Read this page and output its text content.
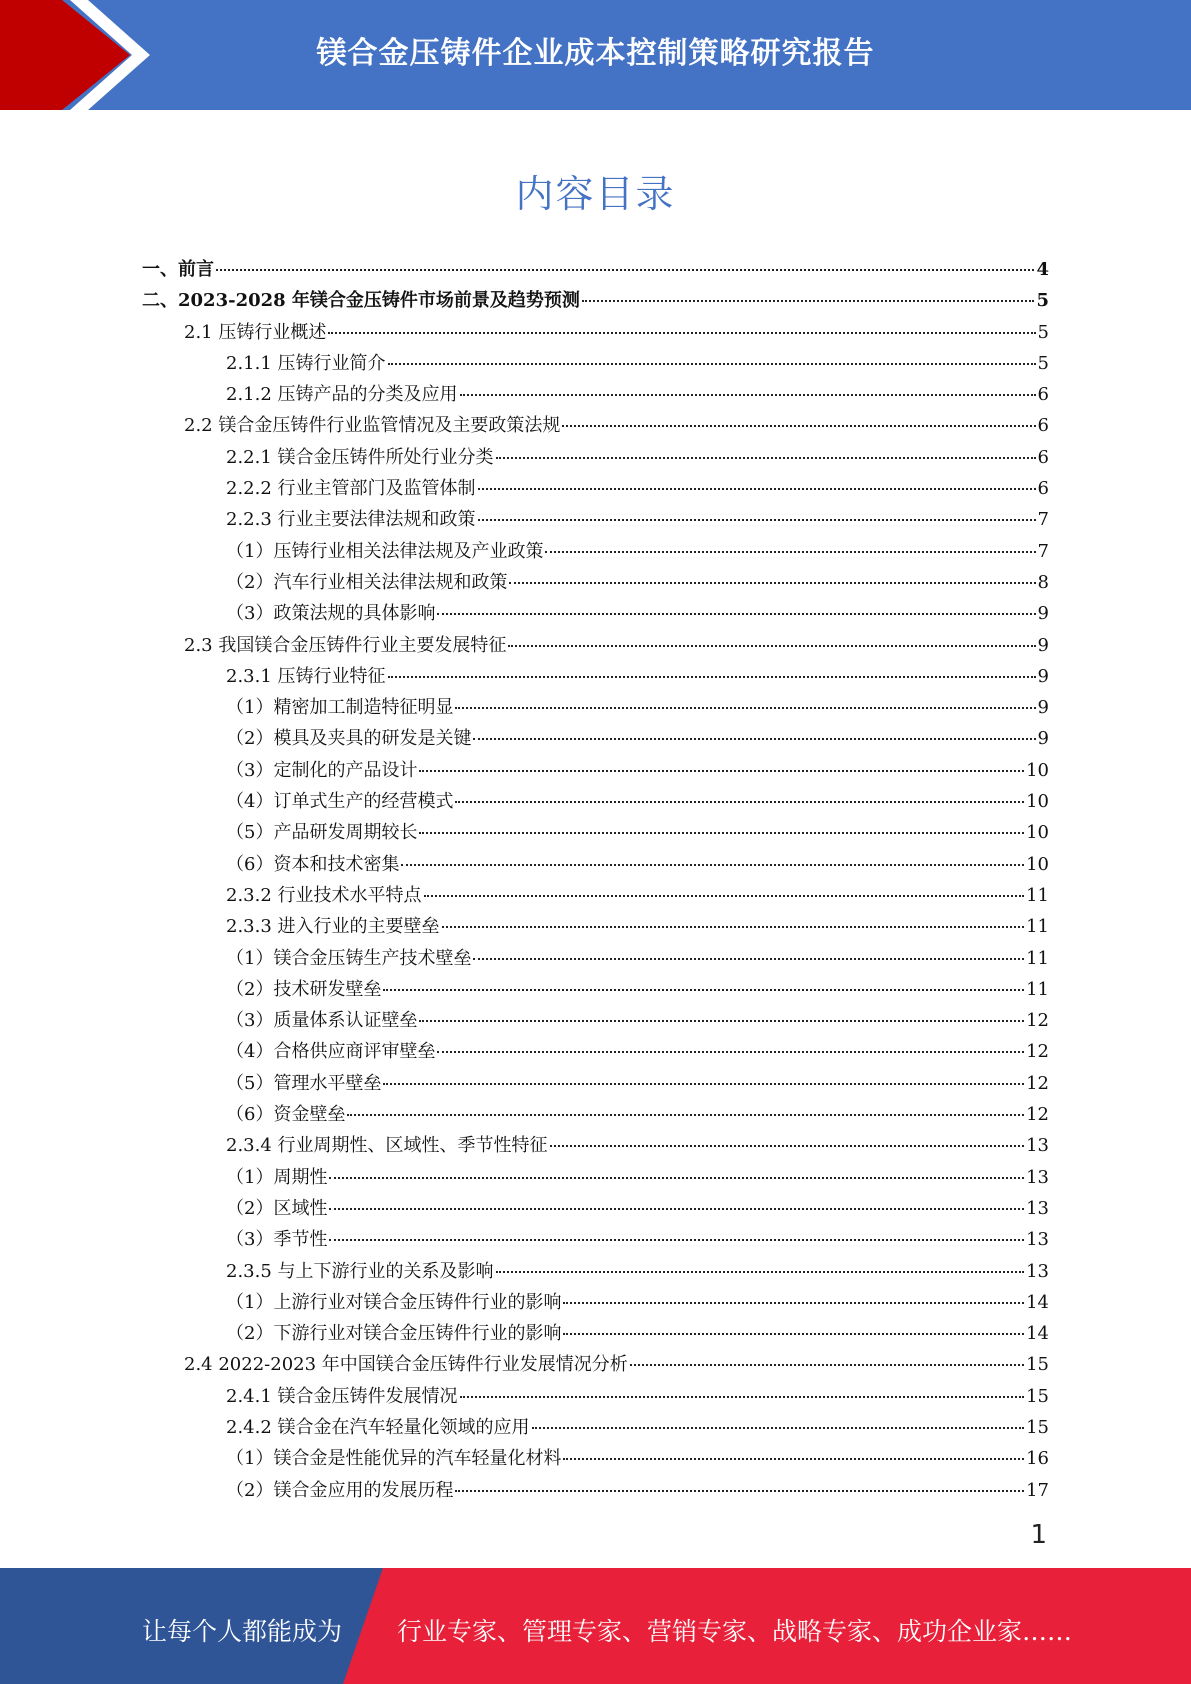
镁合金压铸件企业成本控制策略研究报告
内容目录
一、前言	4
二、2023-2028 年镁合金压铸件市场前景及趋势预测	5
2.1 压铸行业概述	5
2.1.1 压铸行业简介	5
2.1.2 压铸产品的分类及应用	6
2.2 镁合金压铸件行业监管情况及主要政策法规	6
2.2.1 镁合金压铸件所处行业分类	6
2.2.2 行业主管部门及监管体制	6
2.2.3 行业主要法律法规和政策	7
（1）压铸行业相关法律法规及产业政策	7
（2）汽车行业相关法律法规和政策	8
（3）政策法规的具体影响	9
2.3 我国镁合金压铸件行业主要发展特征	9
2.3.1 压铸行业特征	9
（1）精密加工制造特征明显	9
（2）模具及夹具的研发是关键	9
（3）定制化的产品设计	10
（4）订单式生产的经营模式	10
（5）产品研发周期较长	10
（6）资本和技术密集	10
2.3.2 行业技术水平特点	11
2.3.3 进入行业的主要壁垒	11
（1）镁合金压铸生产技术壁垒	11
（2）技术研发壁垒	11
（3）质量体系认证壁垒	12
（4）合格供应商评审壁垒	12
（5）管理水平壁垒	12
（6）资金壁垒	12
2.3.4 行业周期性、区域性、季节性特征	13
（1）周期性	13
（2）区域性	13
（3）季节性	13
2.3.5 与上下游行业的关系及影响	13
（1）上游行业对镁合金压铸件行业的影响	14
（2）下游行业对镁合金压铸件行业的影响	14
2.4 2022-2023 年中国镁合金压铸件行业发展情况分析	15
2.4.1 镁合金压铸件发展情况	15
2.4.2 镁合金在汽车轻量化领域的应用	15
（1）镁合金是性能优异的汽车轻量化材料	16
（2）镁合金应用的发展历程	17
1
让每个人都能成为 行业专家、管理专家、营销专家、战略专家、成功企业家……
